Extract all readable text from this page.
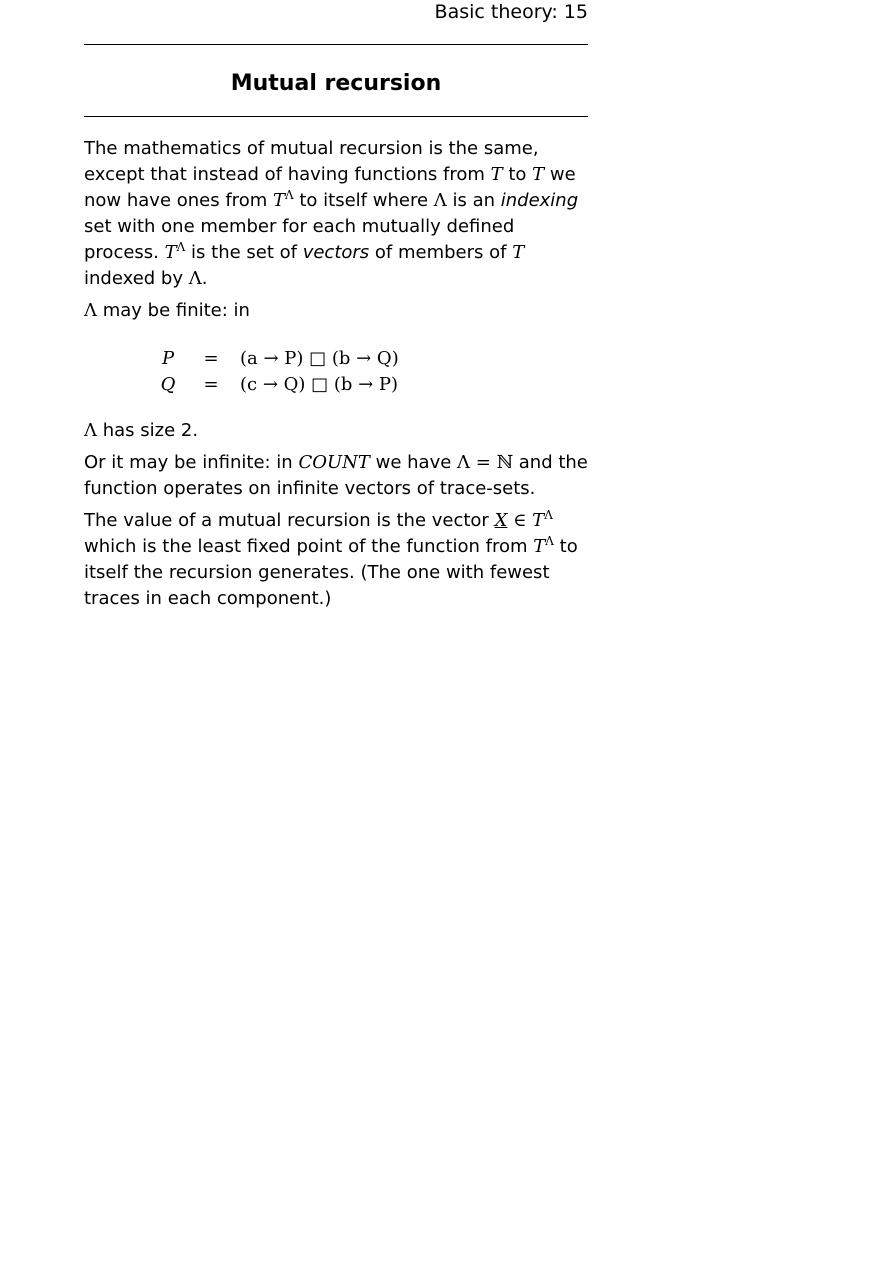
Basic theory: 15
Mutual recursion

The mathematics of mutual recursion is the same, except that instead of having functions from T to T we now have ones from $T^\Lambda$ to itself where Λ is an indexing set with one member for each mutually defined process. $T^\Lambda$ is the set of vectors of members of T indexed by Λ.

Λ may be finite: in

P	=	(a → P) □ (b → Q)
Q	=	(c → Q) □ (b → P)

Λ has size 2.

Or it may be infinite: in COUNT we have Λ = ℕ and the function operates on infinite vectors of trace-sets.

The value of a mutual recursion is the vector X ∈ $T^\Lambda$ which is the least fixed point of the function from $T^\Lambda$ to itself the recursion generates. (The one with fewest traces in each component.)
